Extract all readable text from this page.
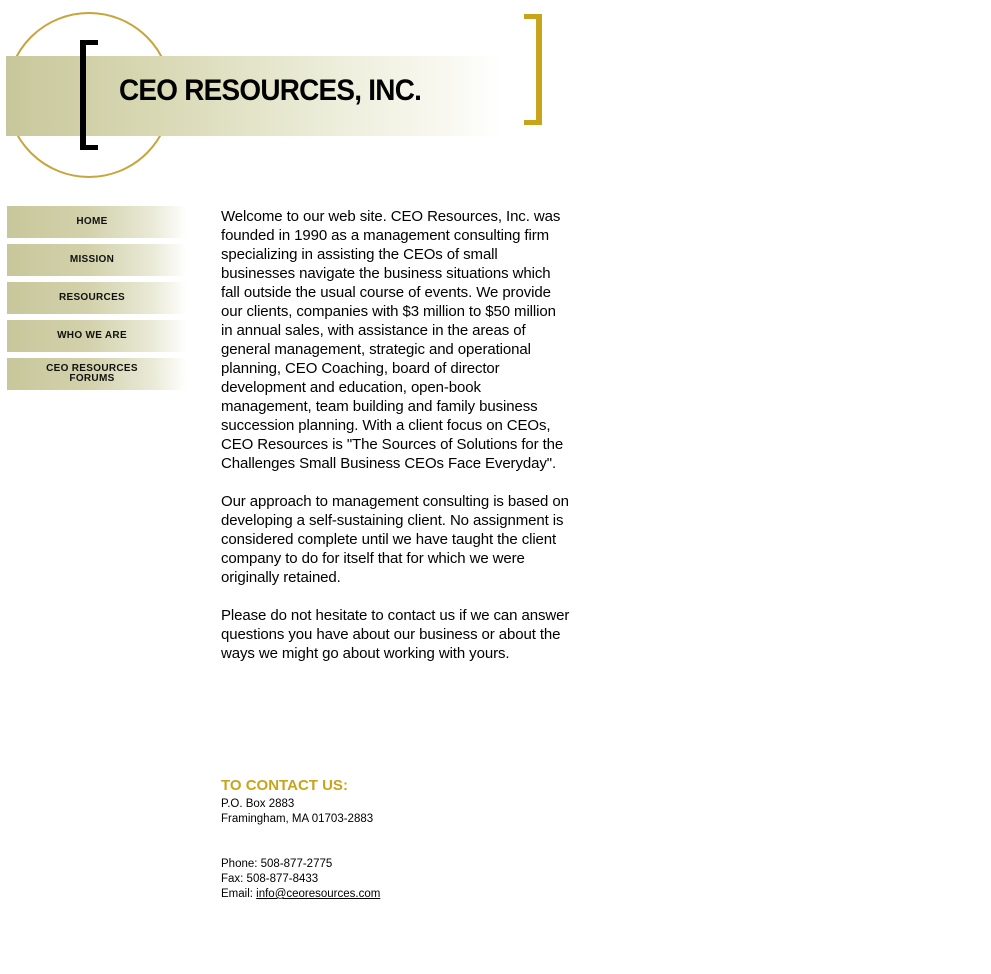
CEO RESOURCES, INC.
HOME
MISSION
RESOURCES
WHO WE ARE
CEO RESOURCES FORUMS

Welcome to our web site. CEO Resources, Inc. was founded in 1990 as a management consulting firm specializing in assisting the CEOs of small businesses navigate the business situations which fall outside the usual course of events. We provide our clients, companies with $3 million to $50 million in annual sales, with assistance in the areas of general management, strategic and operational planning, CEO Coaching, board of director development and education, open-book management, team building and family business succession planning. With a client focus on CEOs, CEO Resources is "The Sources of Solutions for the Challenges Small Business CEOs Face Everyday".

Our approach to management consulting is based on developing a self-sustaining client. No assignment is considered complete until we have taught the client company to do for itself that for which we were originally retained.

Please do not hesitate to contact us if we can answer questions you have about our business or about the ways we might go about working with yours.

TO CONTACT US:
P.O. Box 2883
Framingham, MA 01703-2883
Phone: 508-877-2775
Fax: 508-877-8433
Email: info@ceoresources.com
